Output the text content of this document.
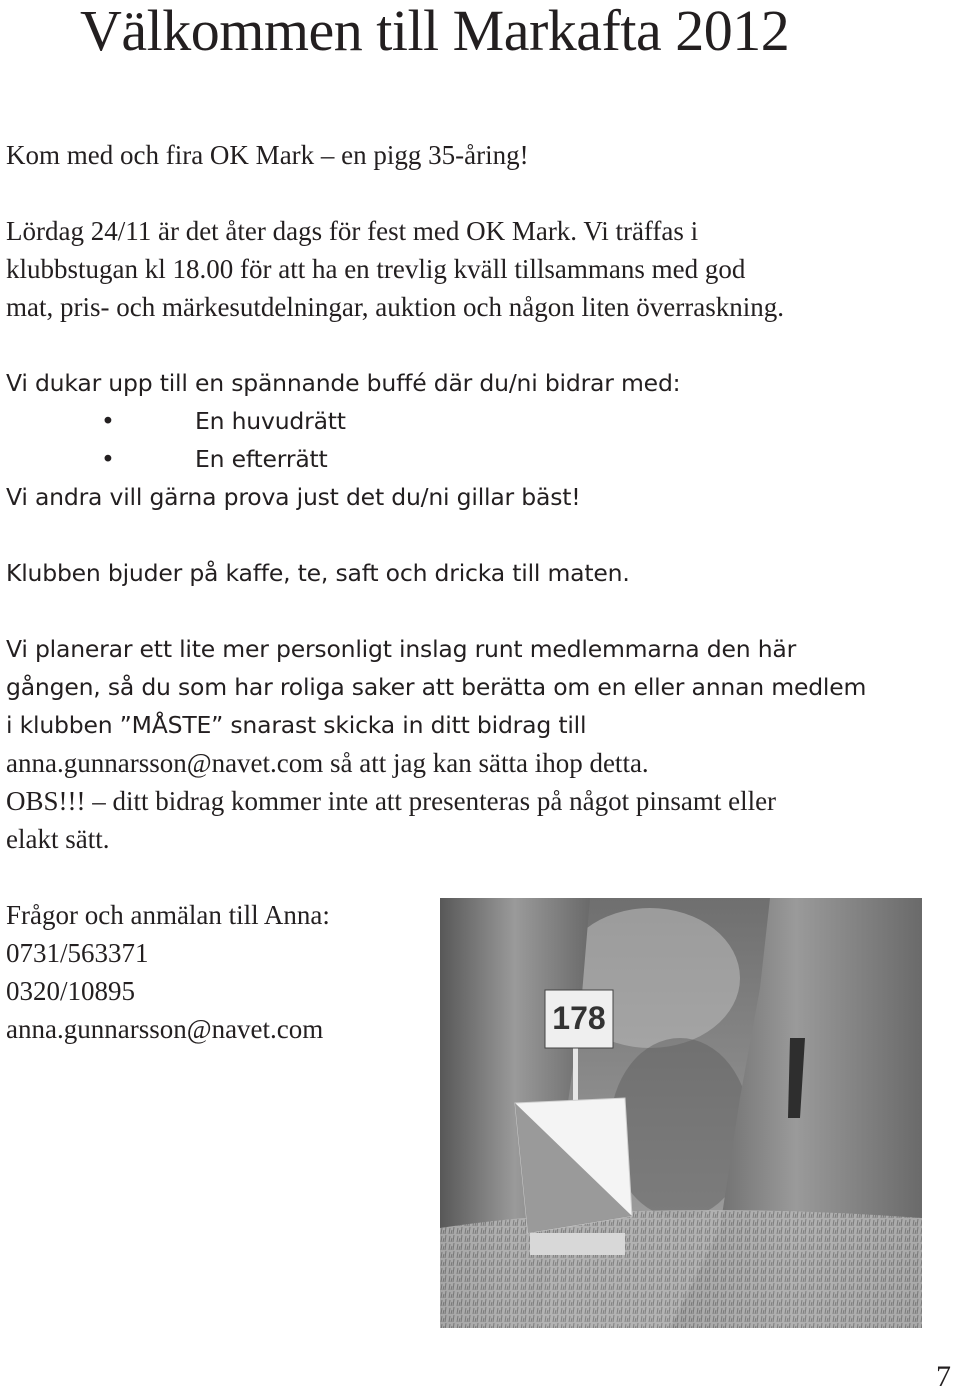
Välkommen till Markafta 2012

Kom med och fira OK Mark – en pigg 35-åring!

Lördag 24/11 är det åter dags för fest med OK Mark. Vi träffas i
klubbstugan kl 18.00 för att ha en trevlig kväll tillsammans med god
mat, pris- och märkesutdelningar, auktion och någon liten överraskning.
Vi dukar upp till en spännande buffé där du/ni bidrar med:
•	En huvudrätt
•	En efterrätt
Vi andra vill gärna prova just det du/ni gillar bäst!

Klubben bjuder på kaffe, te, saft och dricka till maten.

Vi planerar ett lite mer personligt inslag runt medlemmarna den här
gången, så du som har roliga saker att berätta om en eller annan medlem
i klubben ”MÅSTE” snarast skicka in ditt bidrag till
anna.gunnarsson@navet.com så att jag kan sätta ihop detta.
OBS!!! – ditt bidrag kommer inte att presenteras på något pinsamt eller
elakt sätt.
Frågor och anmälan till Anna:
0731/563371
0320/10895
anna.gunnarsson@navet.com	178
7
